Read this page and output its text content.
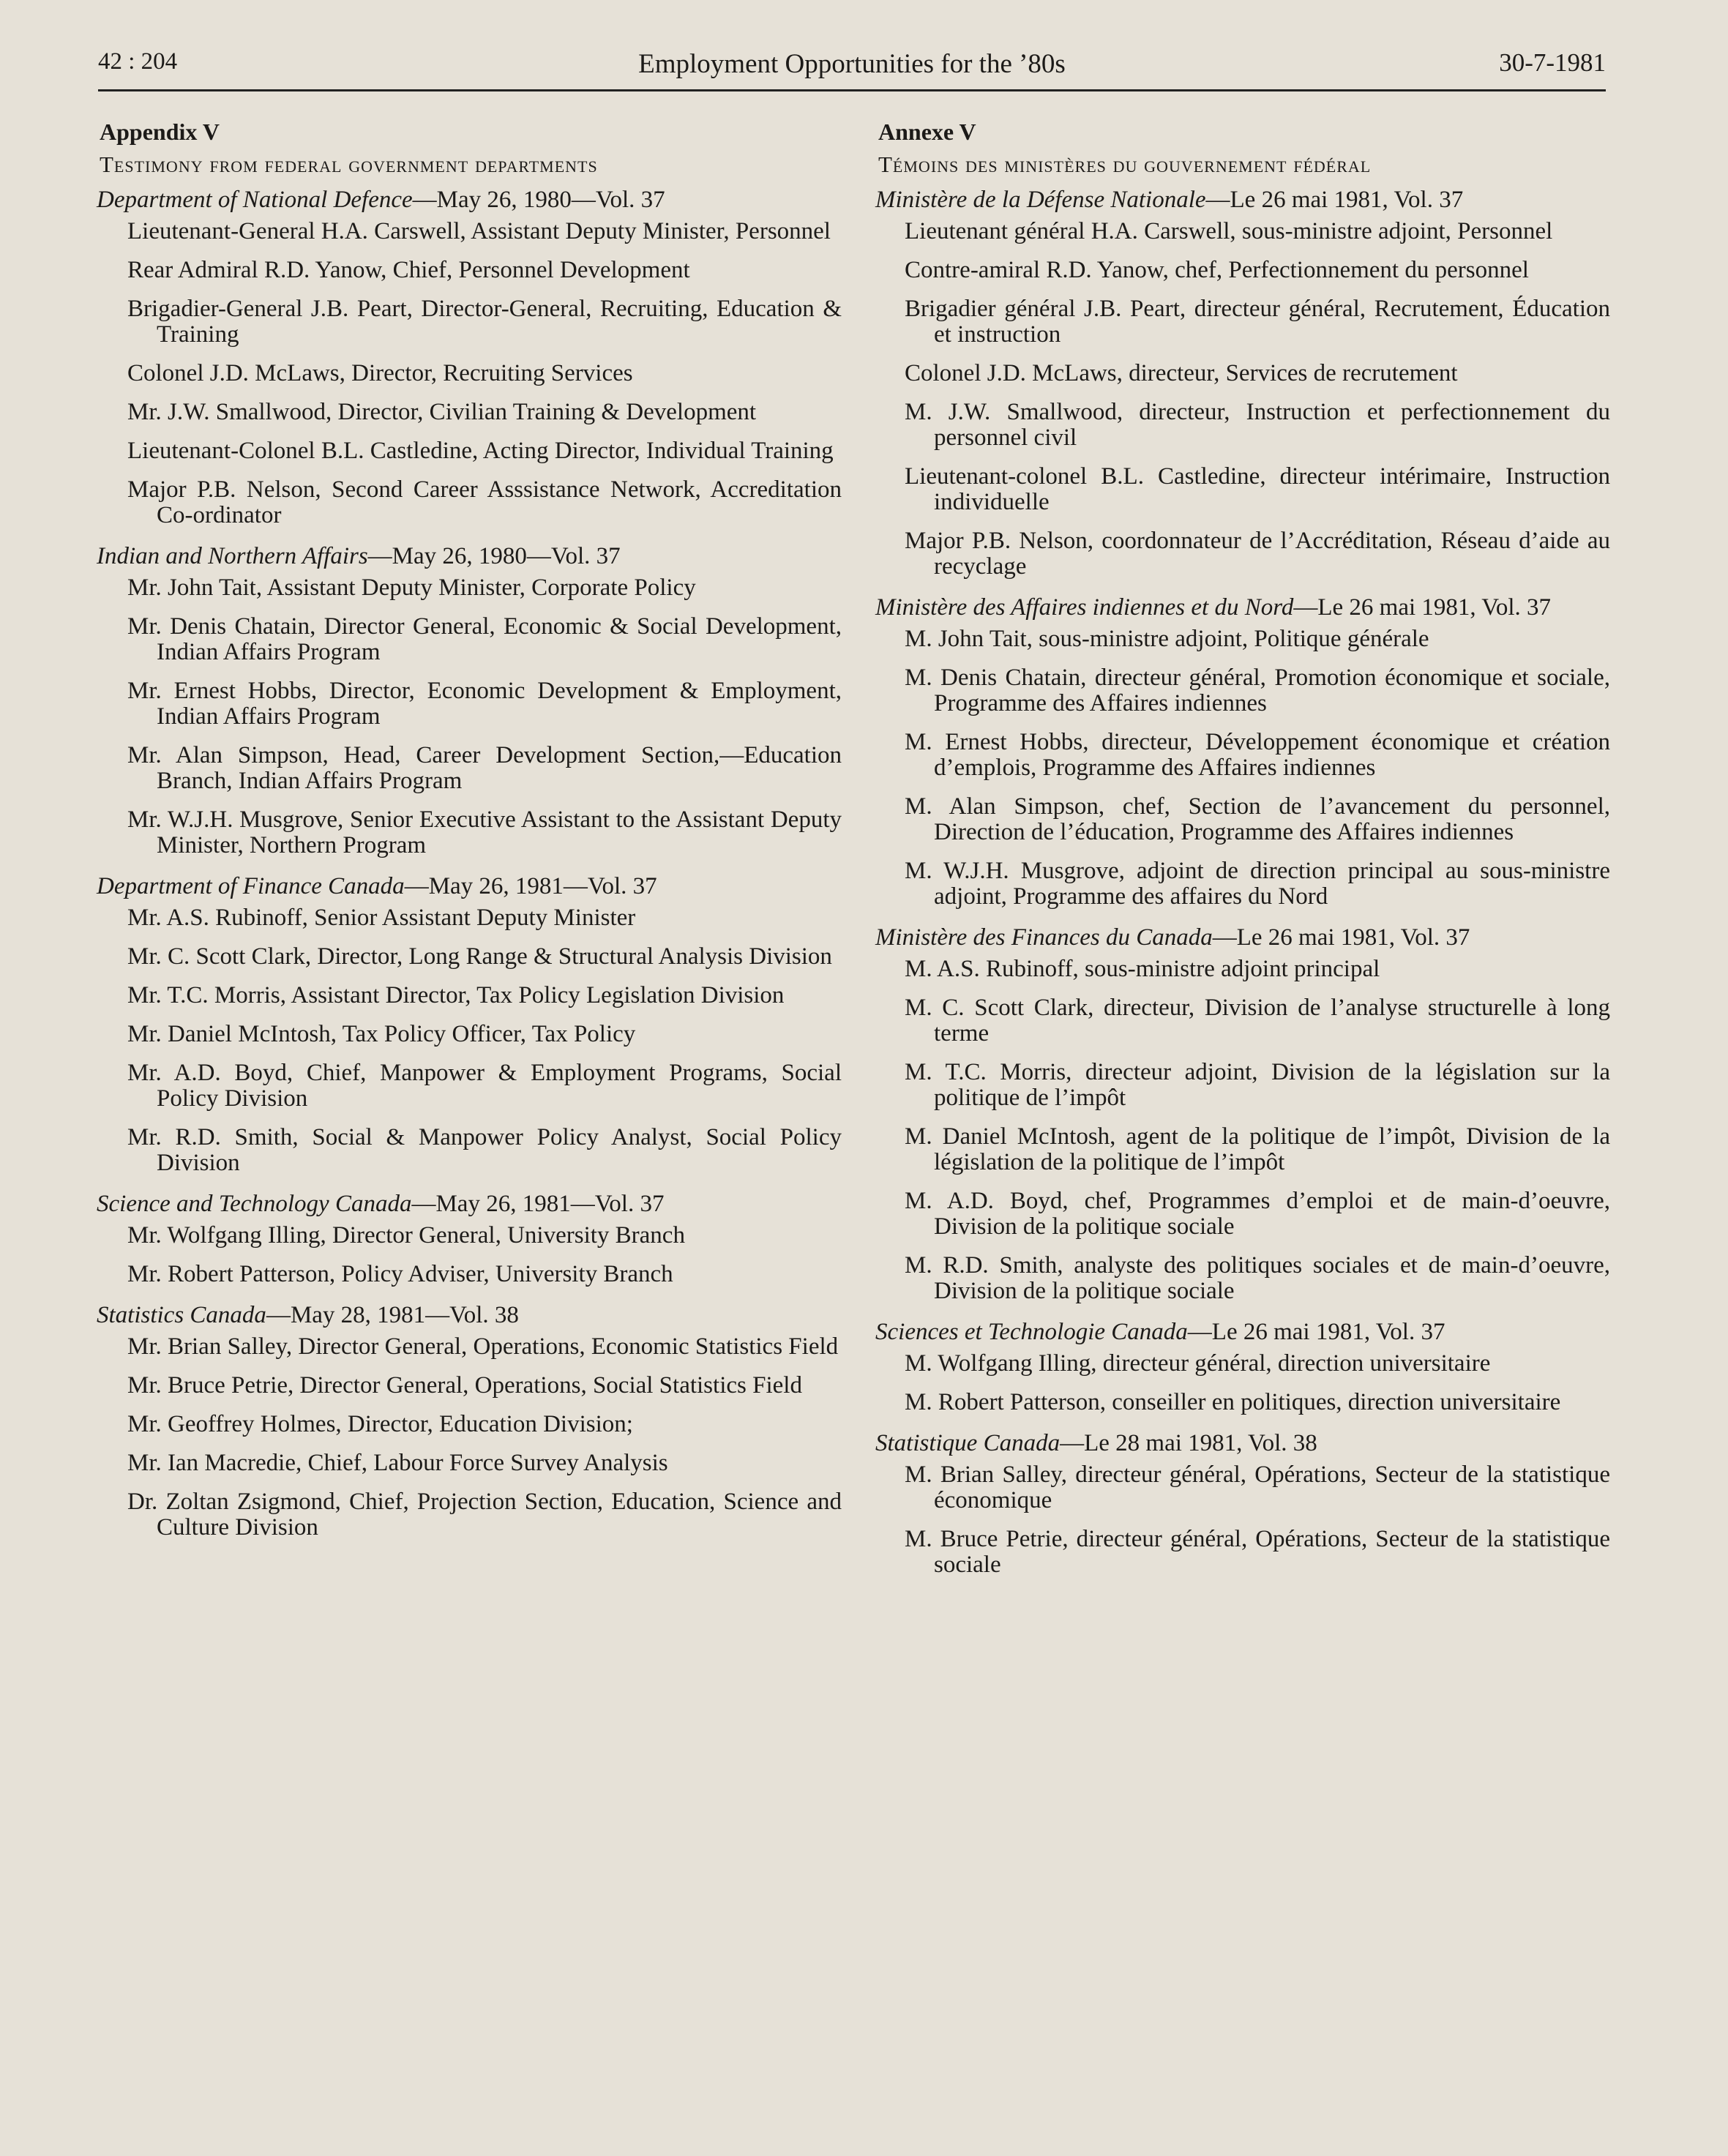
42 : 204	Employment Opportunities for the ’80s	30-7-1981
Appendix V
Testimony from federal government departments
Department of National Defence—May 26, 1980—Vol. 37
Lieutenant-General H.A. Carswell, Assistant Deputy Minister, Personnel
Rear Admiral R.D. Yanow, Chief, Personnel Development
Brigadier-General J.B. Peart, Director-General, Recruiting, Education & Training
Colonel J.D. McLaws, Director, Recruiting Services
Mr. J.W. Smallwood, Director, Civilian Training & Development
Lieutenant-Colonel B.L. Castledine, Acting Director, Individual Training
Major P.B. Nelson, Second Career Asssistance Network, Accreditation Co-ordinator
Indian and Northern Affairs—May 26, 1980—Vol. 37
Mr. John Tait, Assistant Deputy Minister, Corporate Policy
Mr. Denis Chatain, Director General, Economic & Social Development, Indian Affairs Program
Mr. Ernest Hobbs, Director, Economic Development & Employment, Indian Affairs Program
Mr. Alan Simpson, Head, Career Development Section,—Education Branch, Indian Affairs Program
Mr. W.J.H. Musgrove, Senior Executive Assistant to the Assistant Deputy Minister, Northern Program
Department of Finance Canada—May 26, 1981—Vol. 37
Mr. A.S. Rubinoff, Senior Assistant Deputy Minister
Mr. C. Scott Clark, Director, Long Range & Structural Analysis Division
Mr. T.C. Morris, Assistant Director, Tax Policy Legislation Division
Mr. Daniel McIntosh, Tax Policy Officer, Tax Policy
Mr. A.D. Boyd, Chief, Manpower & Employment Programs, Social Policy Division
Mr. R.D. Smith, Social & Manpower Policy Analyst, Social Policy Division
Science and Technology Canada—May 26, 1981—Vol. 37
Mr. Wolfgang Illing, Director General, University Branch
Mr. Robert Patterson, Policy Adviser, University Branch
Statistics Canada—May 28, 1981—Vol. 38
Mr. Brian Salley, Director General, Operations, Economic Statistics Field
Mr. Bruce Petrie, Director General, Operations, Social Statistics Field
Mr. Geoffrey Holmes, Director, Education Division;
Mr. Ian Macredie, Chief, Labour Force Survey Analysis
Dr. Zoltan Zsigmond, Chief, Projection Section, Education, Science and Culture Division
Annexe V
Témoins des ministères du gouvernement fédéral
Ministère de la Défense Nationale—Le 26 mai 1981, Vol. 37
Lieutenant général H.A. Carswell, sous-ministre adjoint, Personnel
Contre-amiral R.D. Yanow, chef, Perfectionnement du personnel
Brigadier général J.B. Peart, directeur général, Recrutement, Éducation et instruction
Colonel J.D. McLaws, directeur, Services de recrutement
M. J.W. Smallwood, directeur, Instruction et perfectionnement du personnel civil
Lieutenant-colonel B.L. Castledine, directeur intérimaire, Instruction individuelle
Major P.B. Nelson, coordonnateur de l’Accréditation, Réseau d’aide au recyclage
Ministère des Affaires indiennes et du Nord—Le 26 mai 1981, Vol. 37
M. John Tait, sous-ministre adjoint, Politique générale
M. Denis Chatain, directeur général, Promotion économique et sociale, Programme des Affaires indiennes
M. Ernest Hobbs, directeur, Développement économique et création d’emplois, Programme des Affaires indiennes
M. Alan Simpson, chef, Section de l’avancement du personnel, Direction de l’éducation, Programme des Affaires indiennes
M. W.J.H. Musgrove, adjoint de direction principal au sous-ministre adjoint, Programme des affaires du Nord
Ministère des Finances du Canada—Le 26 mai 1981, Vol. 37
M. A.S. Rubinoff, sous-ministre adjoint principal
M. C. Scott Clark, directeur, Division de l’analyse structurelle à long terme
M. T.C. Morris, directeur adjoint, Division de la législation sur la politique de l’impôt
M. Daniel McIntosh, agent de la politique de l’impôt, Division de la législation de la politique de l’impôt
M. A.D. Boyd, chef, Programmes d’emploi et de main-d’oeuvre, Division de la politique sociale
M. R.D. Smith, analyste des politiques sociales et de main-d’oeuvre, Division de la politique sociale
Sciences et Technologie Canada—Le 26 mai 1981, Vol. 37
M. Wolfgang Illing, directeur général, direction universitaire
M. Robert Patterson, conseiller en politiques, direction universitaire
Statistique Canada—Le 28 mai 1981, Vol. 38
M. Brian Salley, directeur général, Opérations, Secteur de la statistique économique
M. Bruce Petrie, directeur général, Opérations, Secteur de la statistique sociale
